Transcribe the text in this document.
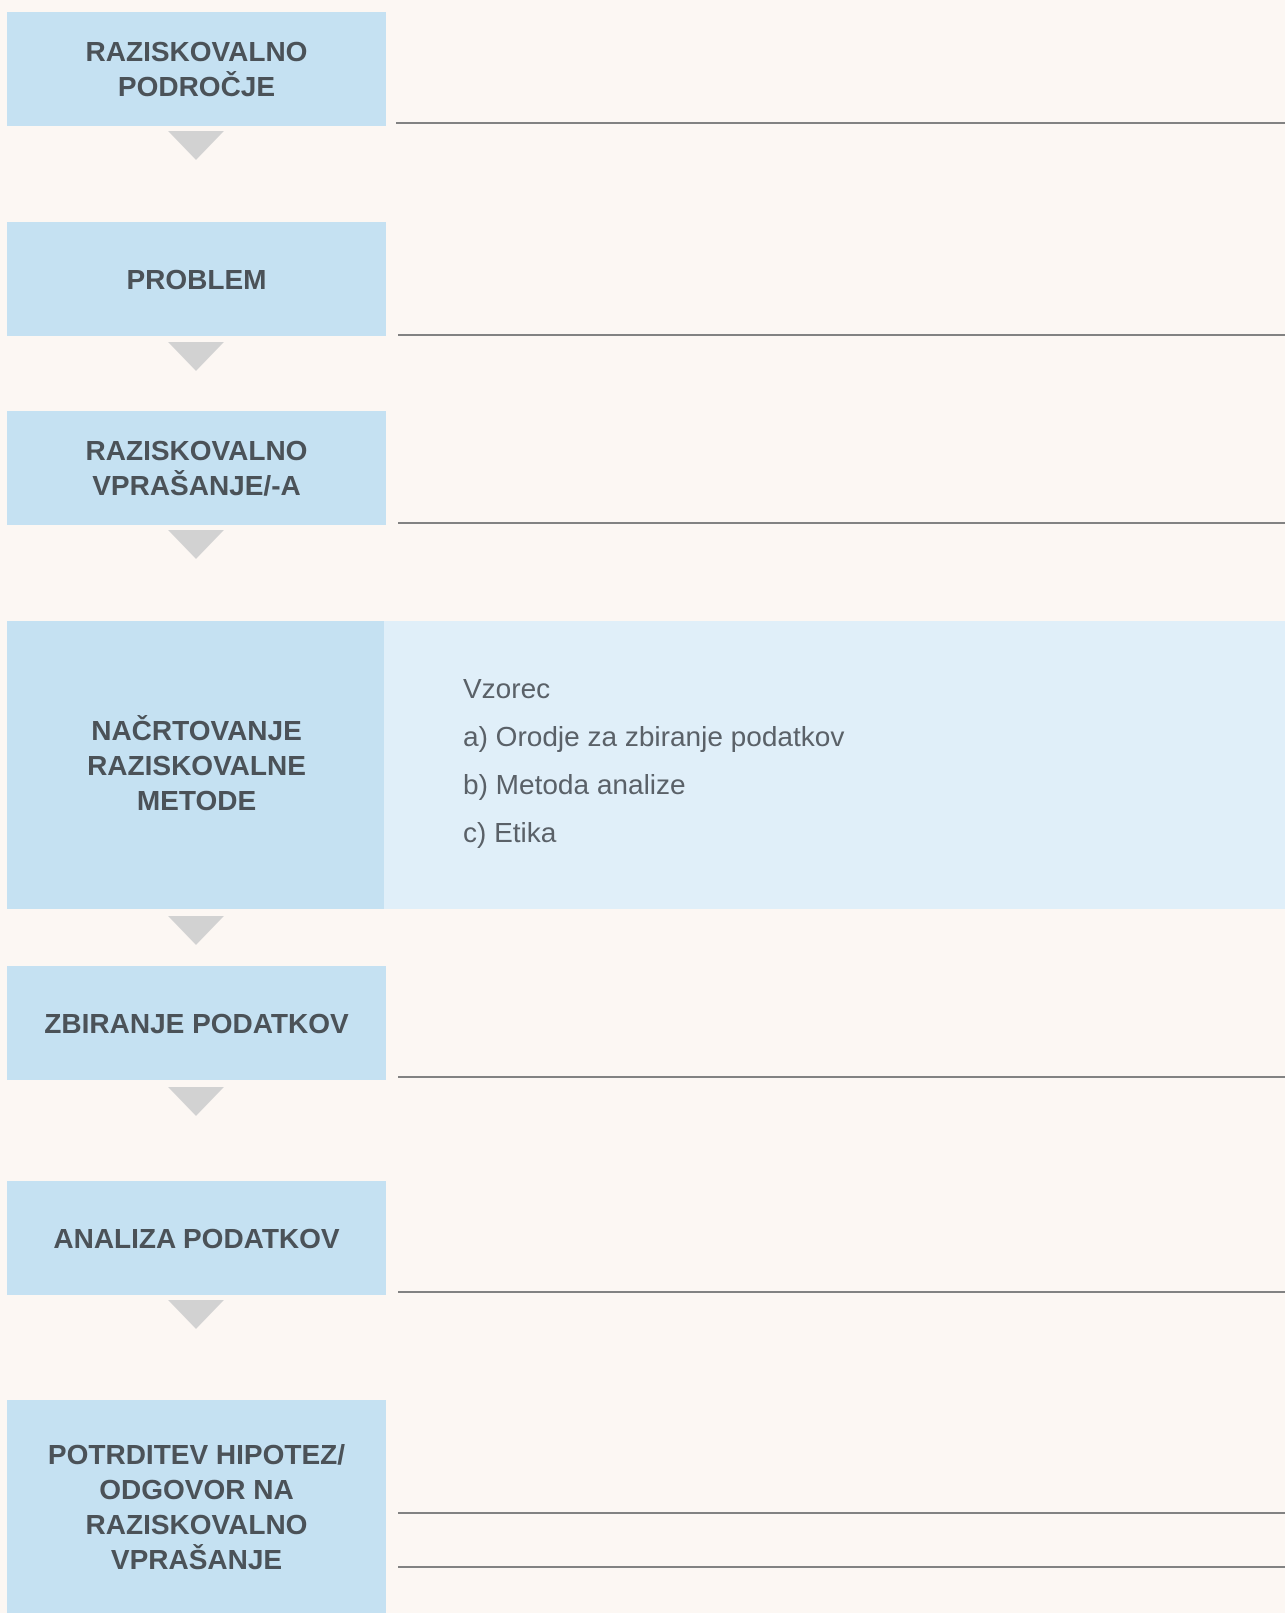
RAZISKOVALNO
PODROČJE
PROBLEM
RAZISKOVALNO
VPRAŠANJE/-A
NAČRTOVANJE
RAZISKOVALNE
METODE
Vzorec
a) Orodje za zbiranje podatkov
b) Metoda analize
c) Etika
ZBIRANJE PODATKOV
ANALIZA PODATKOV
POTRDITEV HIPOTEZ/
ODGOVOR NA
RAZISKOVALNO
VPRAŠANJE
